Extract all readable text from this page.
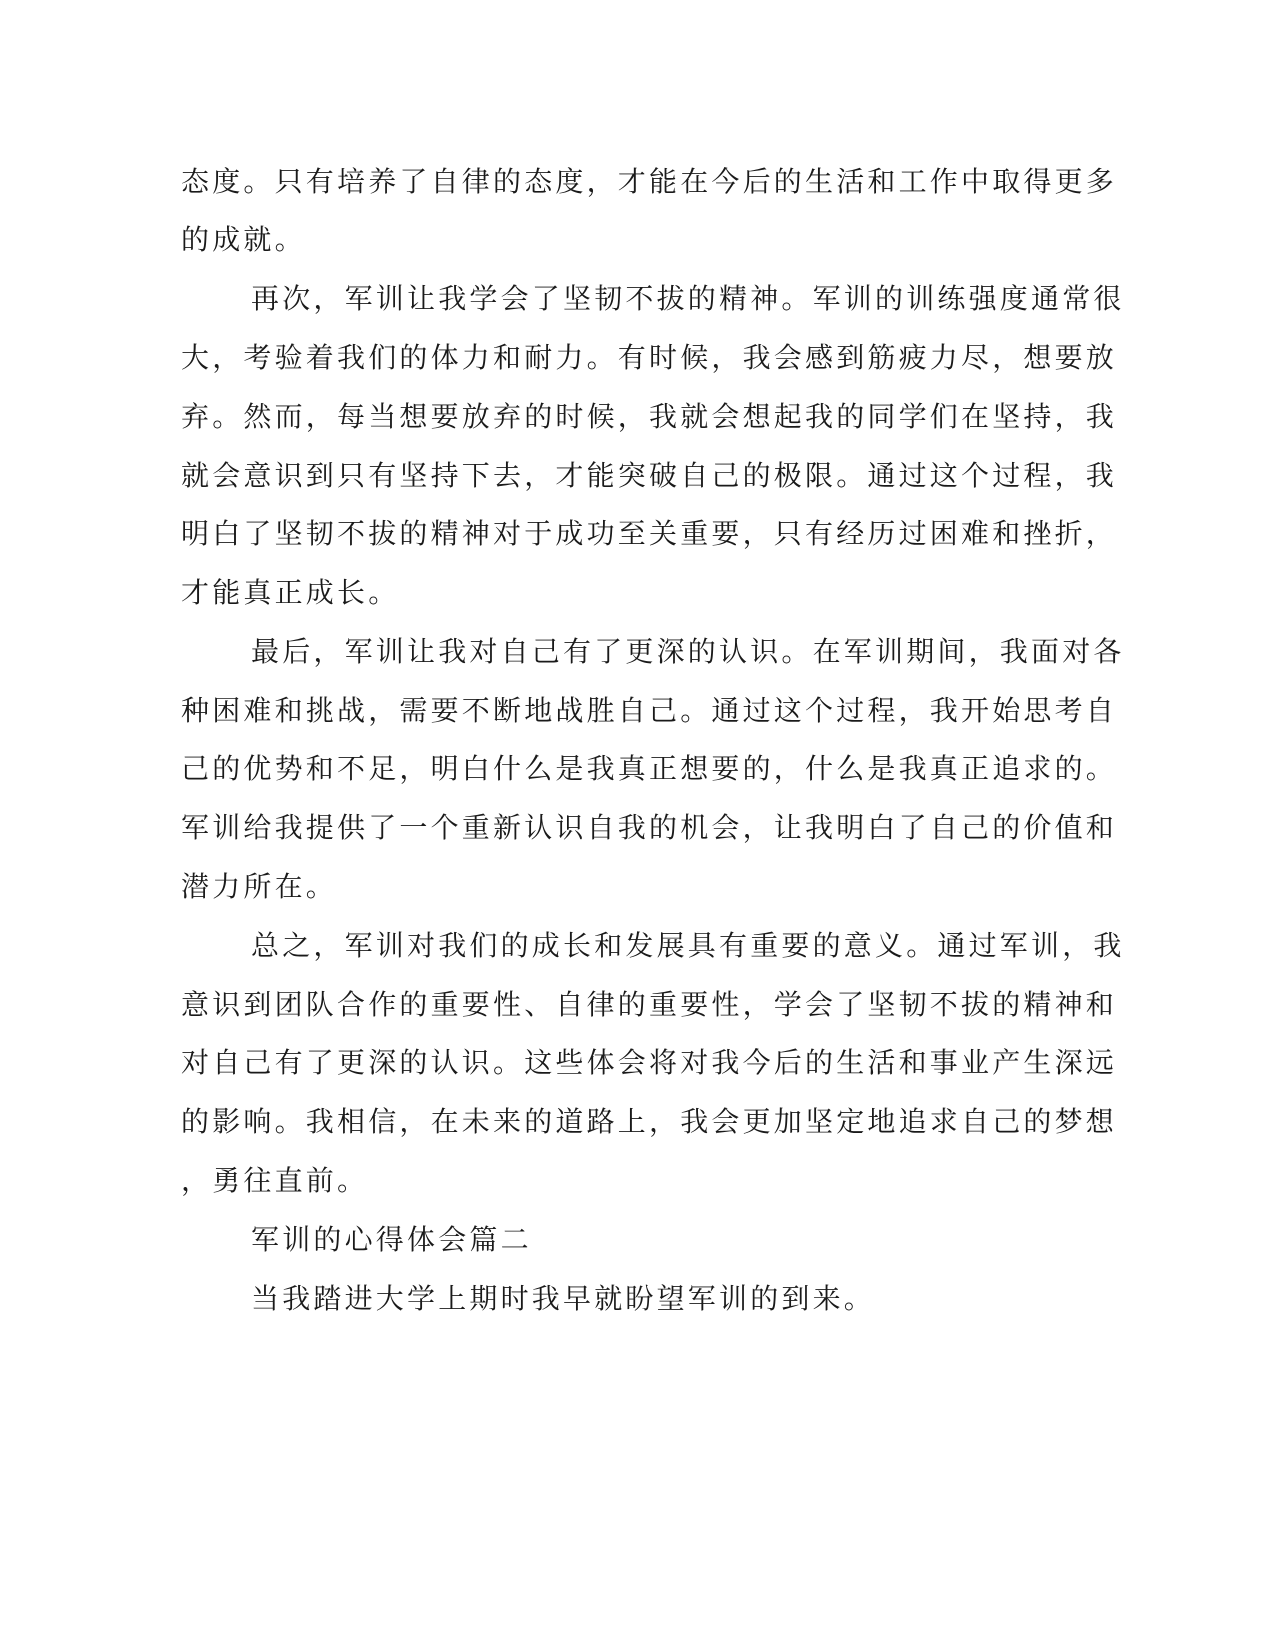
态度。只有培养了自律的态度，才能在今后的生活和工作中取得更多
的成就。
再次，军训让我学会了坚韧不拔的精神。军训的训练强度通常很
大，考验着我们的体力和耐力。有时候，我会感到筋疲力尽，想要放
弃。然而，每当想要放弃的时候，我就会想起我的同学们在坚持，我
就会意识到只有坚持下去，才能突破自己的极限。通过这个过程，我
明白了坚韧不拔的精神对于成功至关重要，只有经历过困难和挫折，
才能真正成长。
最后，军训让我对自己有了更深的认识。在军训期间，我面对各
种困难和挑战，需要不断地战胜自己。通过这个过程，我开始思考自
己的优势和不足，明白什么是我真正想要的，什么是我真正追求的。
军训给我提供了一个重新认识自我的机会，让我明白了自己的价值和
潜力所在。
总之，军训对我们的成长和发展具有重要的意义。通过军训，我
意识到团队合作的重要性、自律的重要性，学会了坚韧不拔的精神和
对自己有了更深的认识。这些体会将对我今后的生活和事业产生深远
的影响。我相信，在未来的道路上，我会更加坚定地追求自己的梦想
，勇往直前。
军训的心得体会篇二
当我踏进大学上期时我早就盼望军训的到来。
